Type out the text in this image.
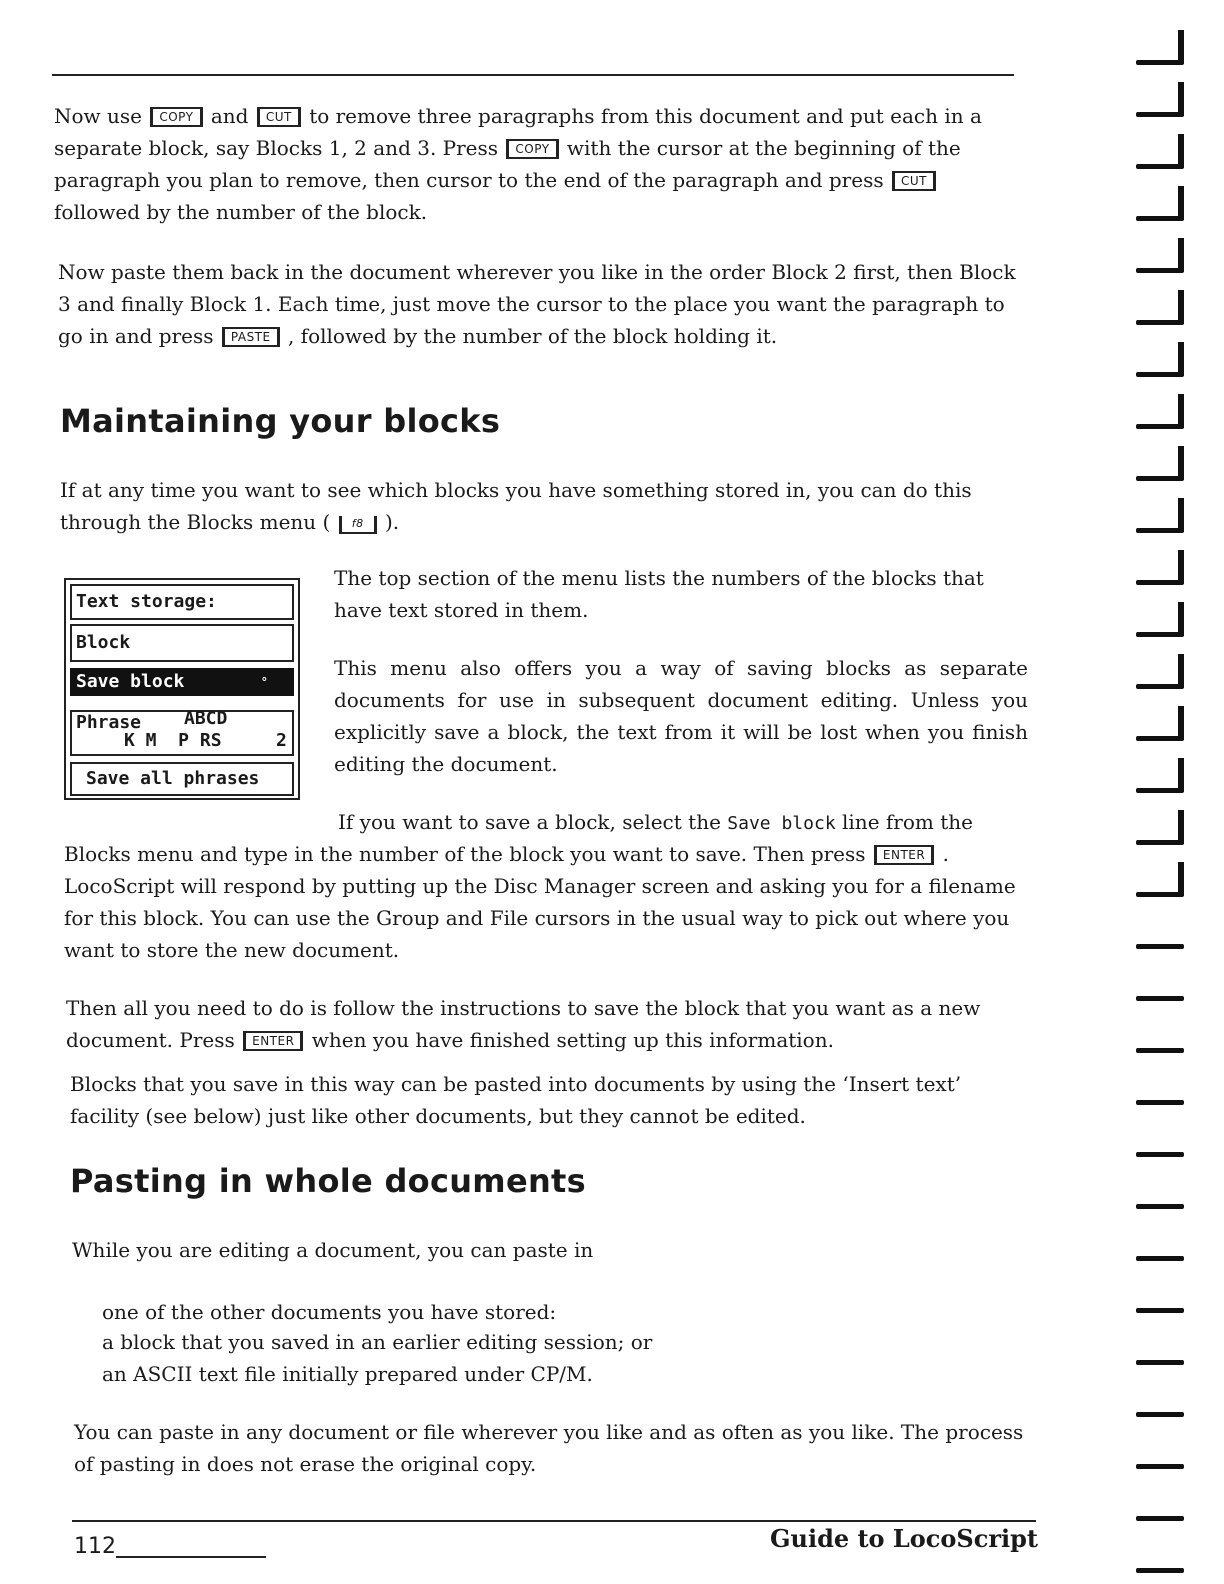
Now use COPY and CUT to remove three paragraphs from this document and put each in a separate block, say Blocks 1, 2 and 3. Press COPY with the cursor at the beginning of the paragraph you plan to remove, then cursor to the end of the paragraph and press CUT followed by the number of the block.

Now paste them back in the document wherever you like in the order Block 2 first, then Block 3 and finally Block 1. Each time, just move the cursor to the place you want the paragraph to go in and press PASTE , followed by the number of the block holding it.

Maintaining your blocks

If at any time you want to see which blocks you have something stored in, you can do this through the Blocks menu ( f8 ).

Text storage:
Block
Save block	°
Phrase ABCD
K M  P RS	2
Save all phrases

The top section of the menu lists the numbers of the blocks that have text stored in them.

This menu also offers you a way of saving blocks as separate documents for use in subsequent document editing. Unless you explicitly save a block, the text from it will be lost when you finish editing the document.

If you want to save a block, select the Save block line from the

Blocks menu and type in the number of the block you want to save. Then press ENTER . LocoScript will respond by putting up the Disc Manager screen and asking you for a filename for this block. You can use the Group and File cursors in the usual way to pick out where you want to store the new document.

Then all you need to do is follow the instructions to save the block that you want as a new document. Press ENTER when you have finished setting up this information.

Blocks that you save in this way can be pasted into documents by using the ‘Insert text’ facility (see below) just like other documents, but they cannot be edited.

Pasting in whole documents

While you are editing a document, you can paste in

one of the other documents you have stored:

a block that you saved in an earlier editing session; or

an ASCII text file initially prepared under CP/M.

You can paste in any document or file wherever you like and as often as you like. The process of pasting in does not erase the original copy.

112	Guide to LocoScript
